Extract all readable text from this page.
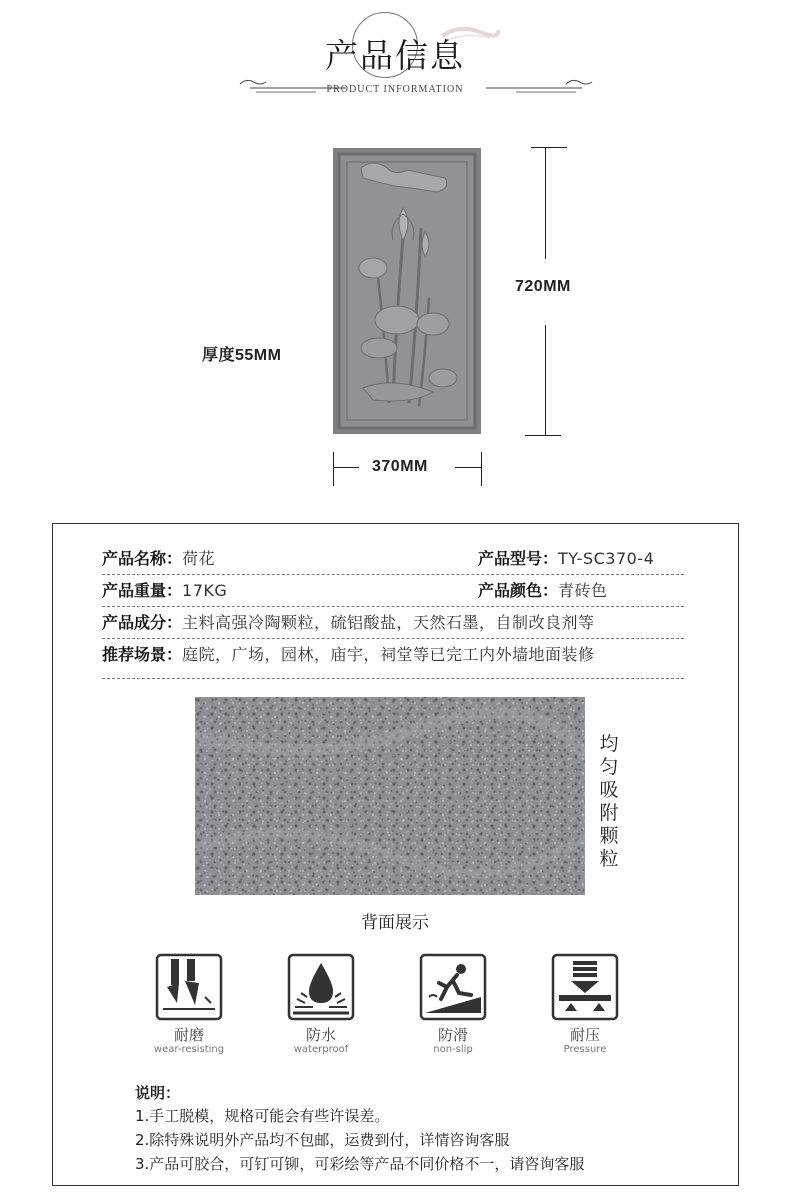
产品信息
PRODUCT INFORMATION
720MM
370MM
厚度55MM
产品名称：荷花	产品型号：TY-SC370-4
产品重量：17KG	产品颜色：青砖色
产品成分：主料高强冷陶颗粒，硫铝酸盐，天然石墨，自制改良剂等
推荐场景：庭院，广场，园林，庙宇，祠堂等已完工内外墙地面装修
均
匀
吸
附
颗
粒
背面展示
耐磨
wear-resisting
防水
waterproof
防滑
non-slip
耐压
Pressure
说明：
1.手工脱模，规格可能会有些许误差。
2.除特殊说明外产品均不包邮，运费到付，详情咨询客服
3.产品可胶合，可钉可铆，可彩绘等产品不同价格不一，请咨询客服
